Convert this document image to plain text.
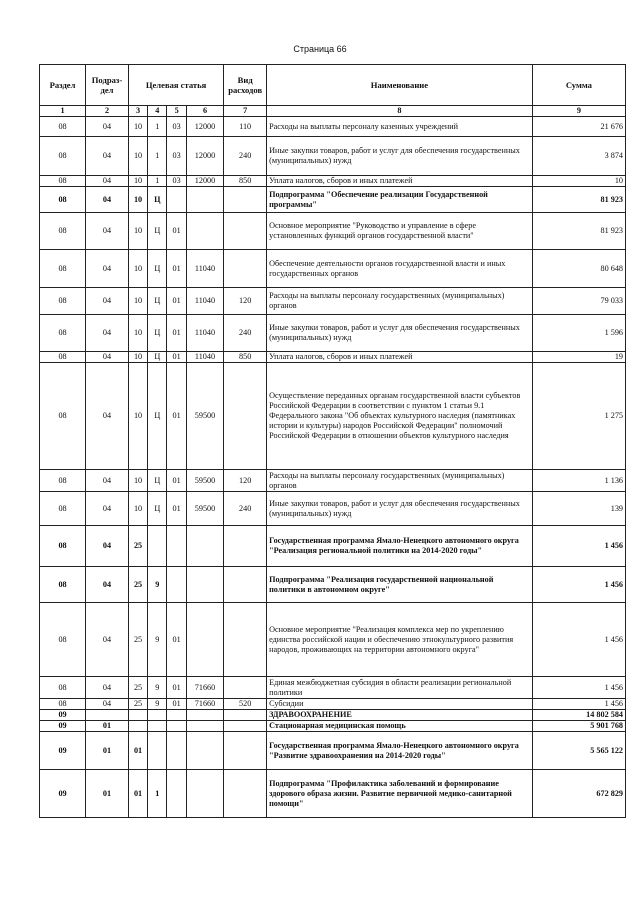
Страница 66
Раздел	Подраз-дел	Целевая статья				Вид расходов	Наименование	Сумма
1	2	3	4	5	6	7	8	9
08	04	10	1	03	12000	110	Расходы на выплаты персоналу казенных учреждений	21 676
08	04	10	1	03	12000	240	Иные закупки товаров, работ и услуг для обеспечения государственных (муниципальных) нужд	3 874
08	04	10	1	03	12000	850	Уплата налогов, сборов и иных платежей	10
08	04	10	Ц				Подпрограмма "Обеспечение реализации Государственной программы"	81 923
08	04	10	Ц	01			Основное мероприятие "Руководство и управление в сфере установленных функций органов государственной власти"	81 923
08	04	10	Ц	01	11040		Обеспечение деятельности органов государственной власти и иных государственных органов	80 648
08	04	10	Ц	01	11040	120	Расходы на выплаты персоналу государственных (муниципальных) органов	79 033
08	04	10	Ц	01	11040	240	Иные закупки товаров, работ и услуг для обеспечения государственных (муниципальных) нужд	1 596
08	04	10	Ц	01	11040	850	Уплата налогов, сборов и иных платежей	19
08	04	10	Ц	01	59500		Осуществление переданных органам государственной власти субъектов Российской Федерации в соответствии с пунктом 1 статьи 9.1 Федерального закона "Об объектах культурного наследия (памятниках истории и культуры) народов Российской Федерации" полномочий Российской Федерации в отношении объектов культурного наследия	1 275
08	04	10	Ц	01	59500	120	Расходы на выплаты персоналу государственных (муниципальных) органов	1 136
08	04	10	Ц	01	59500	240	Иные закупки товаров, работ и услуг для обеспечения государственных (муниципальных) нужд	139
08	04	25					Государственная программа Ямало-Ненецкого автономного округа "Реализация региональной политики на 2014-2020 годы"	1 456
08	04	25	9				Подпрограмма "Реализация государственной национальной политики в автономном округе"	1 456
08	04	25	9	01			Основное мероприятие "Реализация комплекса мер по укреплению единства российской нации и обеспечению этнокультурного развития народов, проживающих на территории автономного округа"	1 456
08	04	25	9	01	71660		Единая межбюджетная субсидия в области реализации региональной политики	1 456
08	04	25	9	01	71660	520	Субсидии	1 456
09							ЗДРАВООХРАНЕНИЕ	14 802 584
09	01						Стационарная медицинская помощь	5 901 768
09	01	01					Государственная программа Ямало-Ненецкого автономного округа "Развитие здравоохранения на 2014-2020 годы"	5 565 122
09	01	01	1				Подпрограмма "Профилактика заболеваний и формирование здорового образа жизни. Развитие первичной медико-санитарной помощи"	672 829
